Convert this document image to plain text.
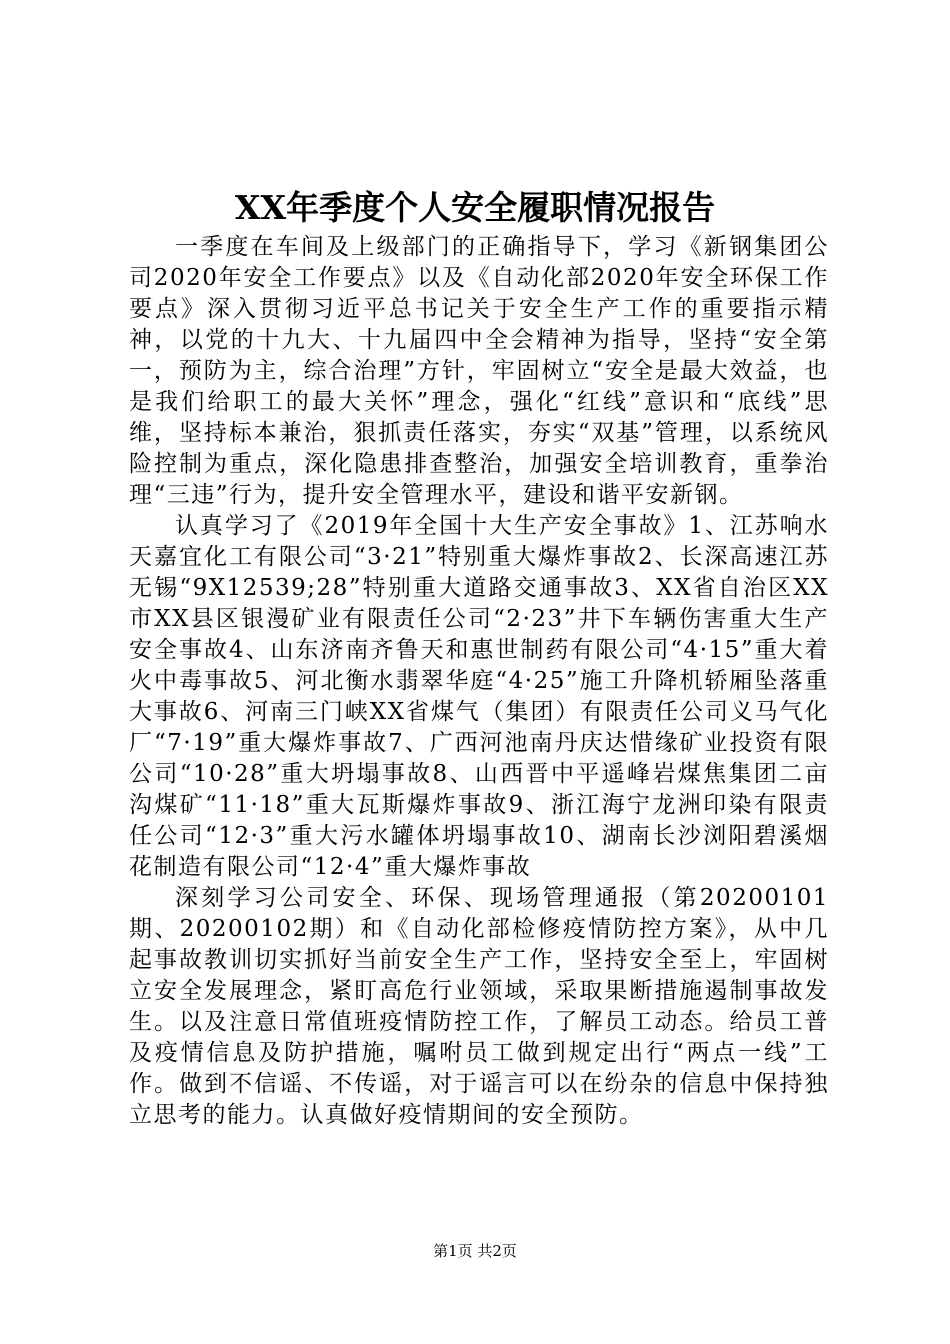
XX年季度个人安全履职情况报告

一季度在车间及上级部门的正确指导下，学习《新钢集团公司2020年安全工作要点》以及《自动化部2020年安全环保工作要点》深入贯彻习近平总书记关于安全生产工作的重要指示精神，以党的十九大、十九届四中全会精神为指导，坚持“安全第一，预防为主，综合治理”方针，牢固树立“安全是最大效益，也是我们给职工的最大关怀”理念，强化“红线”意识和“底线”思维，坚持标本兼治，狠抓责任落实，夯实“双基”管理，以系统风险控制为重点，深化隐患排查整治，加强安全培训教育，重拳治理“三违”行为，提升安全管理水平，建设和谐平安新钢。

认真学习了《2019年全国十大生产安全事故》1、江苏响水天嘉宜化工有限公司“3·21”特别重大爆炸事故2、长深高速江苏无锡“9X12539;28”特别重大道路交通事故3、XX省自治区XX市XX县区银漫矿业有限责任公司“2·23”井下车辆伤害重大生产安全事故4、山东济南齐鲁天和惠世制药有限公司“4·15”重大着火中毒事故5、河北衡水翡翠华庭“4·25”施工升降机轿厢坠落重大事故6、河南三门峡XX省煤气（集团）有限责任公司义马气化厂“7·19”重大爆炸事故7、广西河池南丹庆达惜缘矿业投资有限公司“10·28”重大坍塌事故8、山西晋中平遥峰岩煤焦集团二亩沟煤矿“11·18”重大瓦斯爆炸事故9、浙江海宁龙洲印染有限责任公司“12·3”重大污水罐体坍塌事故10、湖南长沙浏阳碧溪烟花制造有限公司“12·4”重大爆炸事故

深刻学习公司安全、环保、现场管理通报（第20200101期、20200102期）和《自动化部检修疫情防控方案》，从中几起事故教训切实抓好当前安全生产工作，坚持安全至上，牢固树立安全发展理念，紧盯高危行业领域，采取果断措施遏制事故发生。以及注意日常值班疫情防控工作，了解员工动态。给员工普及疫情信息及防护措施，嘱咐员工做到规定出行“两点一线”工作。做到不信谣、不传谣，对于谣言可以在纷杂的信息中保持独立思考的能力。认真做好疫情期间的安全预防。

第1页 共2页
